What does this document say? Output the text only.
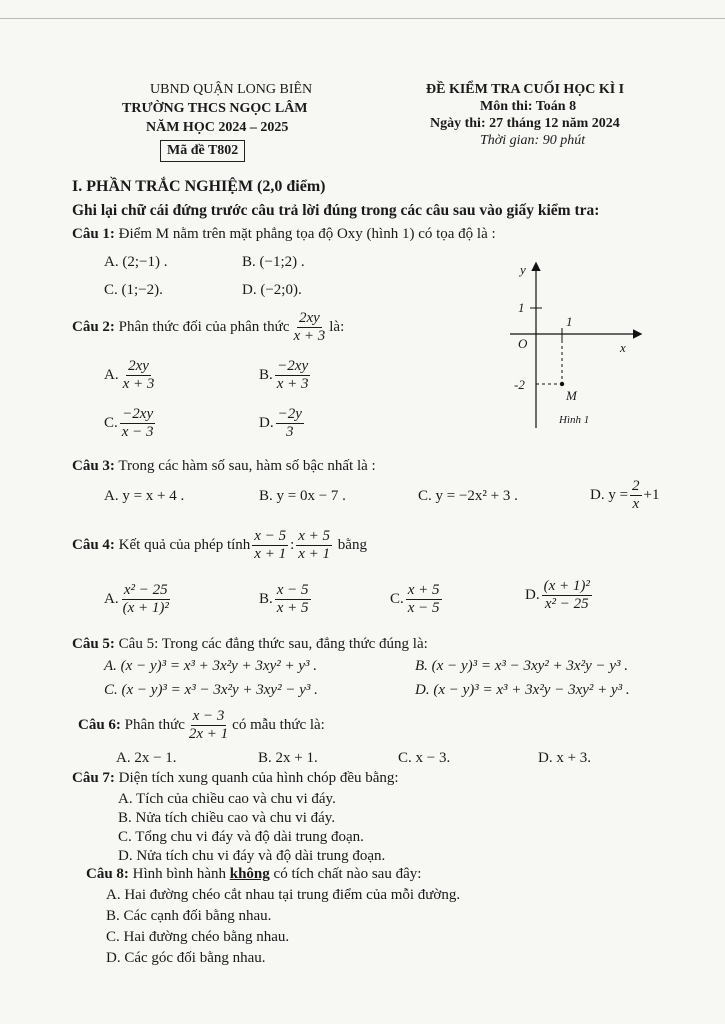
UBND QUẬN LONG BIÊN
TRƯỜNG THCS NGỌC LÂM
NĂM HỌC 2024 – 2025
Mã đề T802
ĐỀ KIỂM TRA CUỐI HỌC KÌ I
Môn thi: Toán 8
Ngày thi: 27 tháng 12 năm 2024
Thời gian: 90 phút
I. PHẦN TRẮC NGHIỆM (2,0 điểm)
Ghi lại chữ cái đứng trước câu trả lời đúng trong các câu sau vào giấy kiểm tra:
Câu 1: Điểm M nằm trên mặt phẳng tọa độ Oxy (hình 1) có tọa độ là :
A. (2;−1) .	B. (−1;2) .
C. (1;−2).	D. (−2;0).
y
x
O
1
1
-2
M
Hình 1
Câu 2:
Phân thức đối của phân thức $\frac{2xy}{x + 3}$ là:
A. $\frac{2xy}{x + 3}$	B. $\frac{-2xy}{x + 3}$
C. $\frac{-2xy}{x - 3}$	D. $\frac{-2y}{3}$
Câu 3: Trong các hàm số sau, hàm số bậc nhất là :
A. y = x + 4 .	B. y = 0x − 7 .	C. y = −2x² + 3 .	D. $y = \frac{2}{x} +1$
Câu 4:
Kết quả của phép tính $\frac{x - 5}{x + 1}$ : $\frac{x + 5}{x + 1}$
bằng
A. $\frac{\text{x² − 25}}{\text{(x + 1)²}}$	B. $\frac{x - 5}{x + 5}$	C. $\frac{x + 5}{x - 5}$	D. $\frac{\text{(x + 1)²}}{\text{x² − 25}}$
Câu 5: Câu 5: Trong các đẳng thức sau, đẳng thức đúng là:
A. (x − y)³ = x³ + 3x²y + 3xy² + y³ .	B. (x − y)³ = x³ − 3xy² + 3x²y − y³ .
C. (x − y)³ = x³ − 3x²y + 3xy² − y³ .	D. (x − y)³ = x³ + 3x²y − 3xy² + y³ .
Câu 6:
Phân thức $\frac{x - 3}{2x + 1}$ có mẫu thức là:
A. 2x − 1.	B. 2x + 1.	C. x − 3.	D. x + 3.
Câu 7: Diện tích xung quanh của hình chóp đều bằng:
A. Tích của chiều cao và chu vi đáy.
B. Nửa tích chiều cao và chu vi đáy.
C. Tổng chu vi đáy và độ dài trung đoạn.
D. Nửa tích chu vi đáy và độ dài trung đoạn.
Câu 8: Hình bình hành không có tích chất nào sau đây:
A. Hai đường chéo cắt nhau tại trung điểm của mỗi đường.
B. Các cạnh đối bằng nhau.
C. Hai đường chéo bằng nhau.
D. Các góc đối bằng nhau.
